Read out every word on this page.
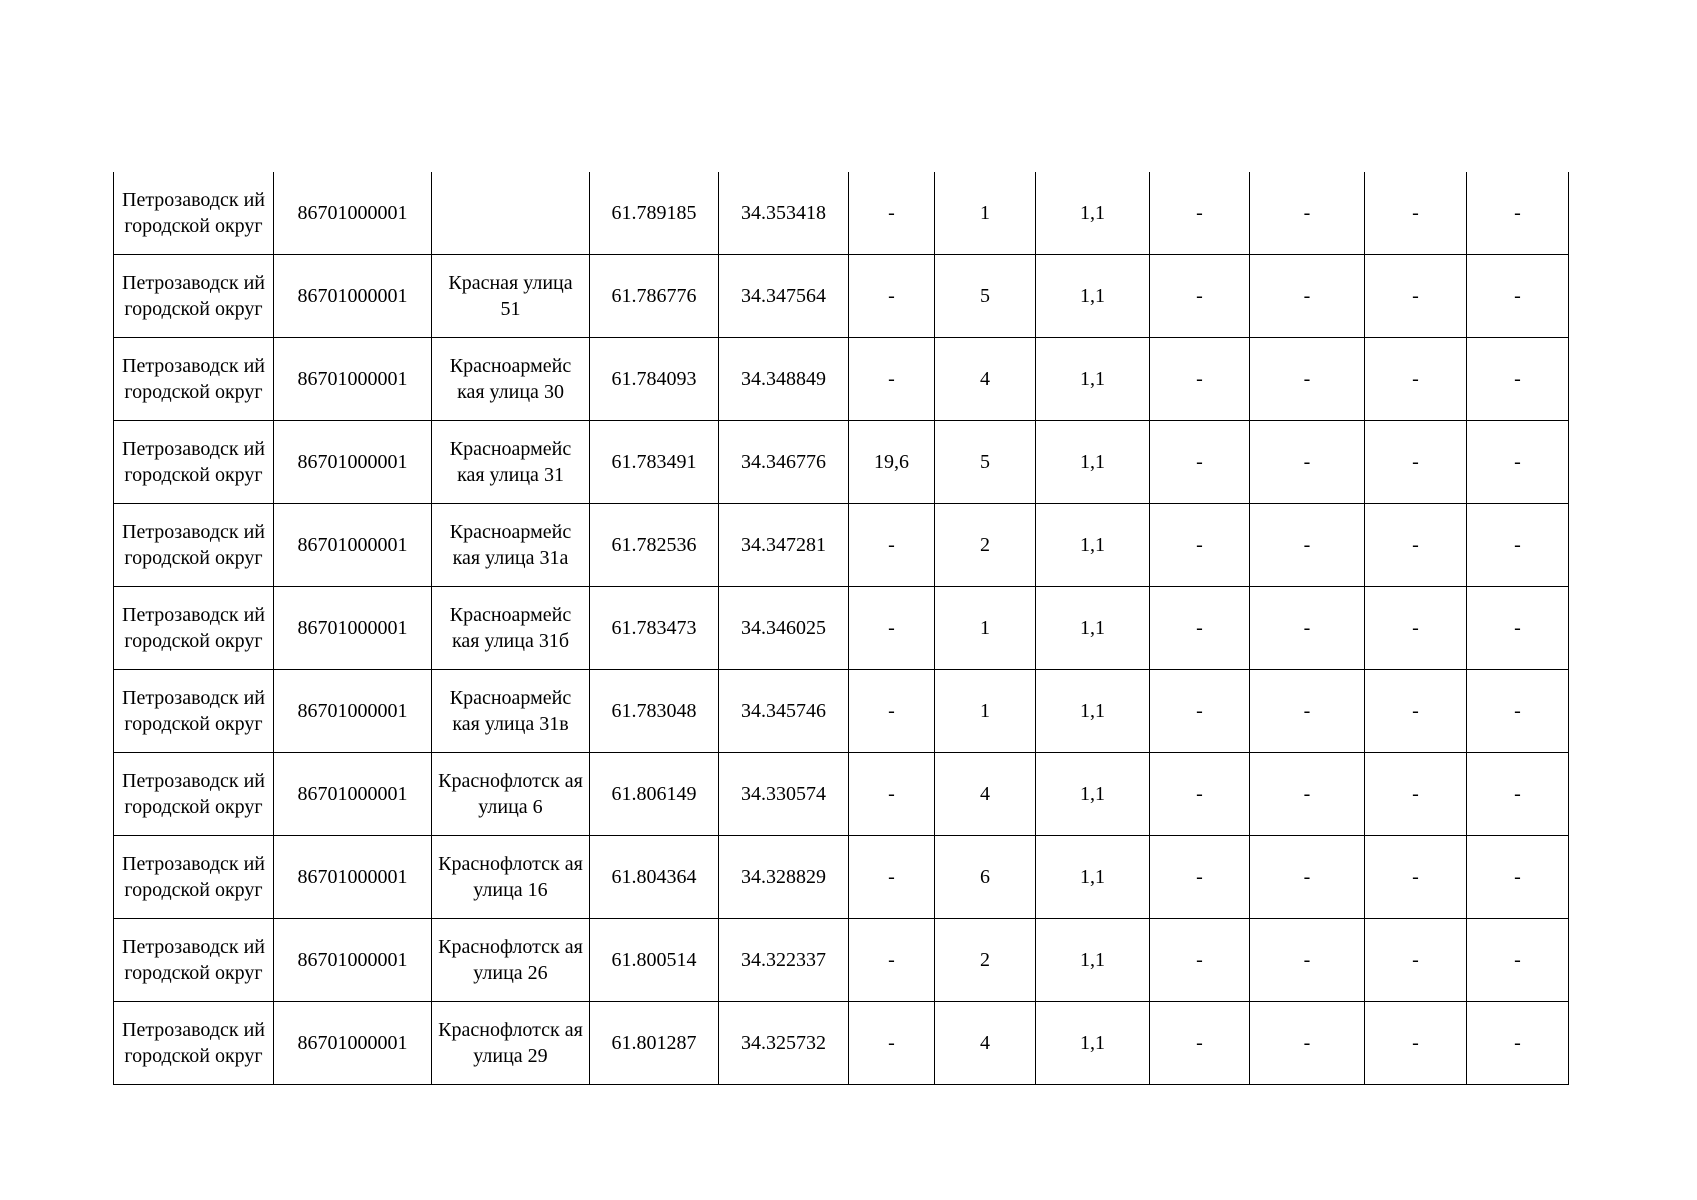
Петрозаводск ий городской округ	86701000001		61.789185	34.353418	-	1	1,1	-	-	-	-

Петрозаводск ий городской округ	86701000001	Красная улица 51	61.786776	34.347564	-	5	1,1	-	-	-	-

Петрозаводск ий городской округ	86701000001	Красноармейс кая улица 30	61.784093	34.348849	-	4	1,1	-	-	-	-

Петрозаводск ий городской округ	86701000001	Красноармейс кая улица 31	61.783491	34.346776	19,6	5	1,1	-	-	-	-

Петрозаводск ий городской округ	86701000001	Красноармейс кая улица 31а	61.782536	34.347281	-	2	1,1	-	-	-	-

Петрозаводск ий городской округ	86701000001	Красноармейс кая улица 31б	61.783473	34.346025	-	1	1,1	-	-	-	-

Петрозаводск ий городской округ	86701000001	Красноармейс кая улица 31в	61.783048	34.345746	-	1	1,1	-	-	-	-

Петрозаводск ий городской округ	86701000001	Краснофлотск ая улица 6	61.806149	34.330574	-	4	1,1	-	-	-	-

Петрозаводск ий городской округ	86701000001	Краснофлотск ая улица 16	61.804364	34.328829	-	6	1,1	-	-	-	-

Петрозаводск ий городской округ	86701000001	Краснофлотск ая улица 26	61.800514	34.322337	-	2	1,1	-	-	-	-

Петрозаводск ий городской округ	86701000001	Краснофлотск ая улица 29	61.801287	34.325732	-	4	1,1	-	-	-	-
